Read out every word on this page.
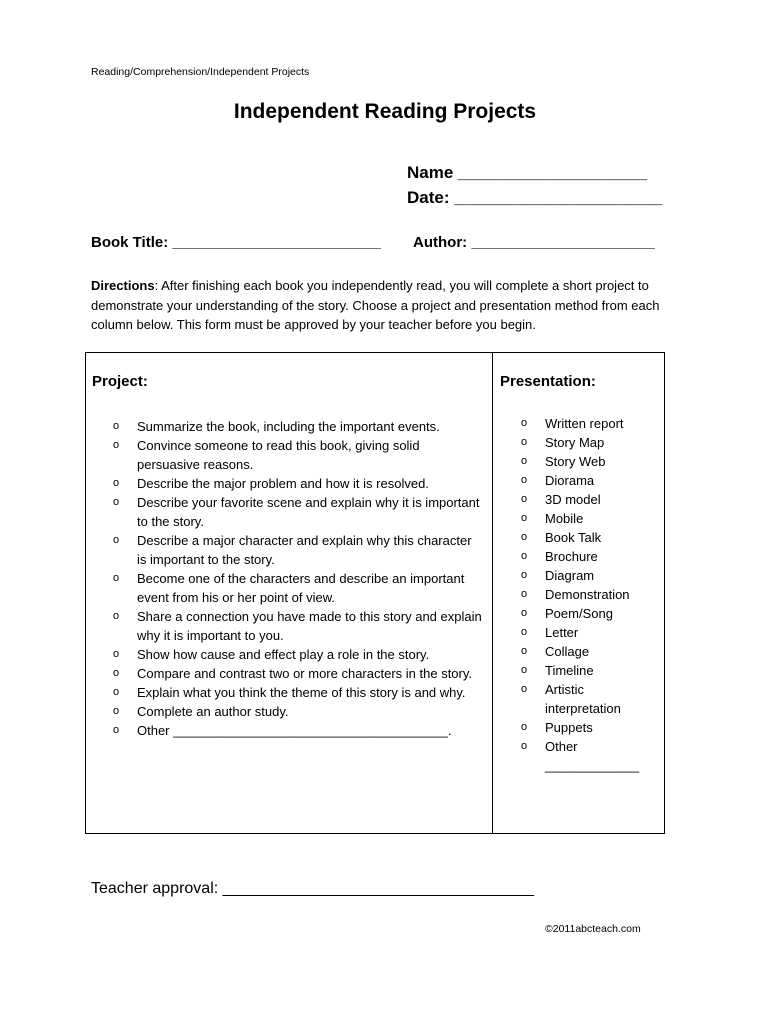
Reading/Comprehension/Independent Projects
Independent Reading Projects
Name ____________________
Date: ______________________
Book Title: _________________________ Author: ______________________
Directions: After finishing each book you independently read, you will complete a short project to demonstrate your understanding of the story. Choose a project and presentation method from each column below. This form must be approved by your teacher before you begin.
Project:	Presentation:
o Summarize the book, including the important events.
o Convince someone to read this book, giving solid persuasive reasons.
o Describe the major problem and how it is resolved.
o Describe your favorite scene and explain why it is important to the story.
o Describe a major character and explain why this character is important to the story.
o Become one of the characters and describe an important event from his or her point of view.
o Share a connection you have made to this story and explain why it is important to you.
o Show how cause and effect play a role in the story.
o Compare and contrast two or more characters in the story.
o Explain what you think the theme of this story is and why.
o Complete an author study.
o Other ______________________________________.
o Written report
o Story Map
o Story Web
o Diorama
o 3D model
o Mobile
o Book Talk
o Brochure
o Diagram
o Demonstration
o Poem/Song
o Letter
o Collage
o Timeline
o Artistic interpretation
o Puppets
o Other _____________
Teacher approval: ___________________________________
©2011abcteach.com
